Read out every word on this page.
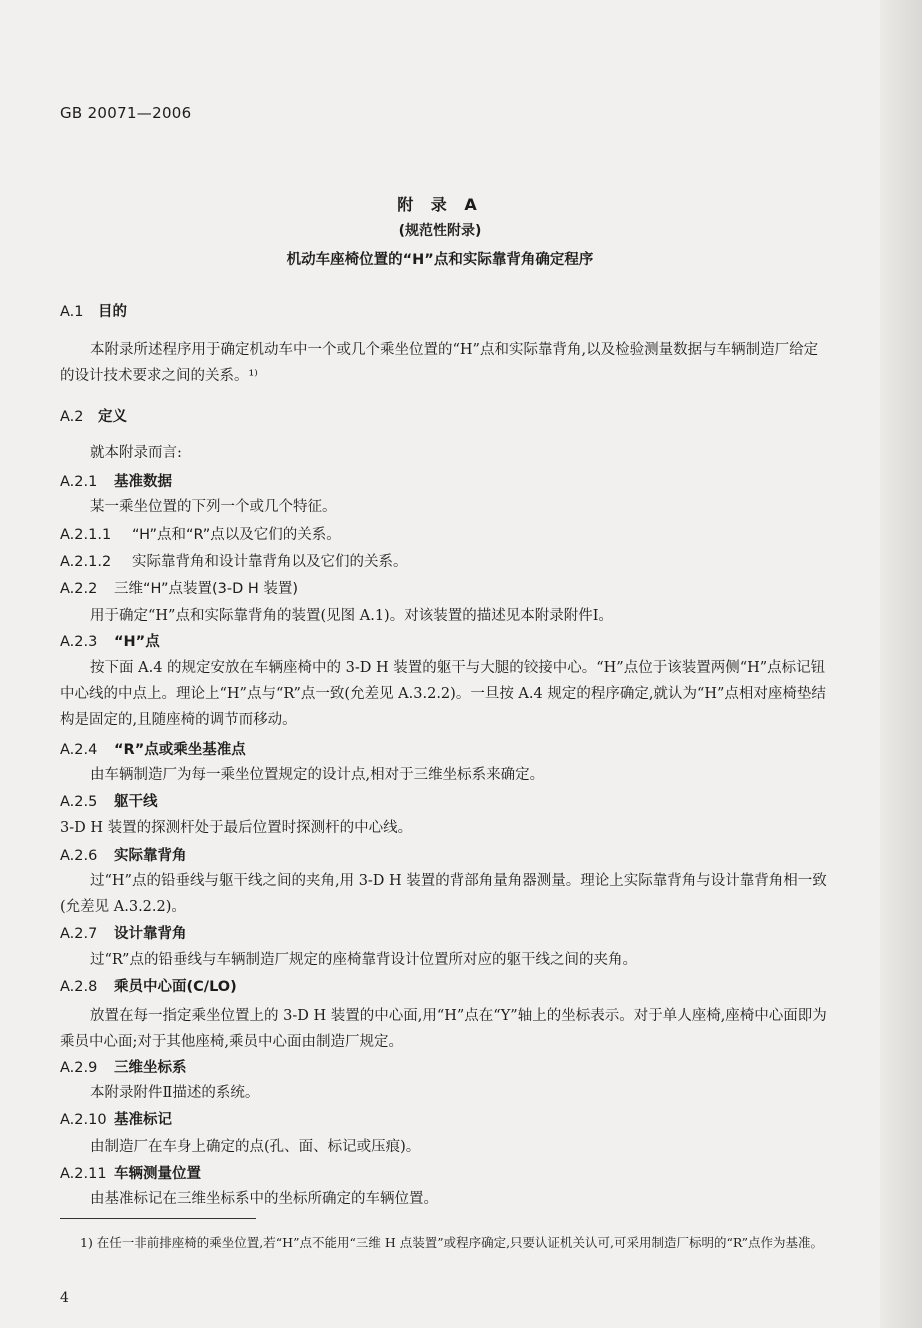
GB 20071—2006
附 录 A
(规范性附录)
机动车座椅位置的“H”点和实际靠背角确定程序
A.1 目的
本附录所述程序用于确定机动车中一个或几个乘坐位置的“H”点和实际靠背角,以及检验测量数据与车辆制造厂给定的设计技术要求之间的关系。¹⁾
A.2 定义
就本附录而言:
A.2.1 基准数据
某一乘坐位置的下列一个或几个特征。
A.2.1.1 “H”点和“R”点以及它们的关系。
A.2.1.2 实际靠背角和设计靠背角以及它们的关系。
A.2.2 三维“H”点装置(3-D H 装置)
用于确定“H”点和实际靠背角的装置(见图 A.1)。对该装置的描述见本附录附件Ⅰ。
A.2.3 “H”点
按下面 A.4 的规定安放在车辆座椅中的 3-D H 装置的躯干与大腿的铰接中心。“H”点位于该装置两侧“H”点标记钮中心线的中点上。理论上“H”点与“R”点一致(允差见 A.3.2.2)。一旦按 A.4 规定的程序确定,就认为“H”点相对座椅垫结构是固定的,且随座椅的调节而移动。
A.2.4 “R”点或乘坐基准点
由车辆制造厂为每一乘坐位置规定的设计点,相对于三维坐标系来确定。
A.2.5 躯干线
3-D H 装置的探测杆处于最后位置时探测杆的中心线。
A.2.6 实际靠背角
过“H”点的铅垂线与躯干线之间的夹角,用 3-D H 装置的背部角量角器测量。理论上实际靠背角与设计靠背角相一致(允差见 A.3.2.2)。
A.2.7 设计靠背角
过“R”点的铅垂线与车辆制造厂规定的座椅靠背设计位置所对应的躯干线之间的夹角。
A.2.8 乘员中心面(C/LO)
放置在每一指定乘坐位置上的 3-D H 装置的中心面,用“H”点在“Y”轴上的坐标表示。对于单人座椅,座椅中心面即为乘员中心面;对于其他座椅,乘员中心面由制造厂规定。
A.2.9 三维坐标系
本附录附件Ⅱ描述的系统。
A.2.10 基准标记
由制造厂在车身上确定的点(孔、面、标记或压痕)。
A.2.11 车辆测量位置
由基准标记在三维坐标系中的坐标所确定的车辆位置。
1) 在任一非前排座椅的乘坐位置,若“H”点不能用“三维 H 点装置”或程序确定,只要认证机关认可,可采用制造厂标明的“R”点作为基准。
4
